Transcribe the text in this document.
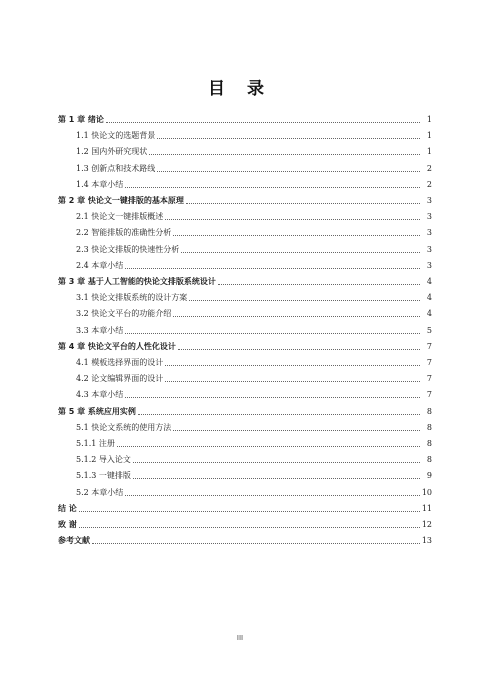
目 录
第 1 章 绪论	1
1.1 快论文的选题背景	1
1.2 国内外研究现状	1
1.3 创新点和技术路线	2
1.4 本章小结	2
第 2 章 快论文一键排版的基本原理	3
2.1 快论文一键排版概述	3
2.2 智能排版的准确性分析	3
2.3 快论文排版的快速性分析	3
2.4 本章小结	3
第 3 章 基于人工智能的快论文排版系统设计	4
3.1 快论文排版系统的设计方案	4
3.2 快论文平台的功能介绍	4
3.3 本章小结	5
第 4 章 快论文平台的人性化设计	7
4.1 模板选择界面的设计	7
4.2 论文编辑界面的设计	7
4.3 本章小结	7
第 5 章 系统应用实例	8
5.1 快论文系统的使用方法	8
5.1.1 注册	8
5.1.2 导入论文	8
5.1.3 一键排版	9
5.2 本章小结	10
结 论	11
致 谢	12
参考文献	13
III
